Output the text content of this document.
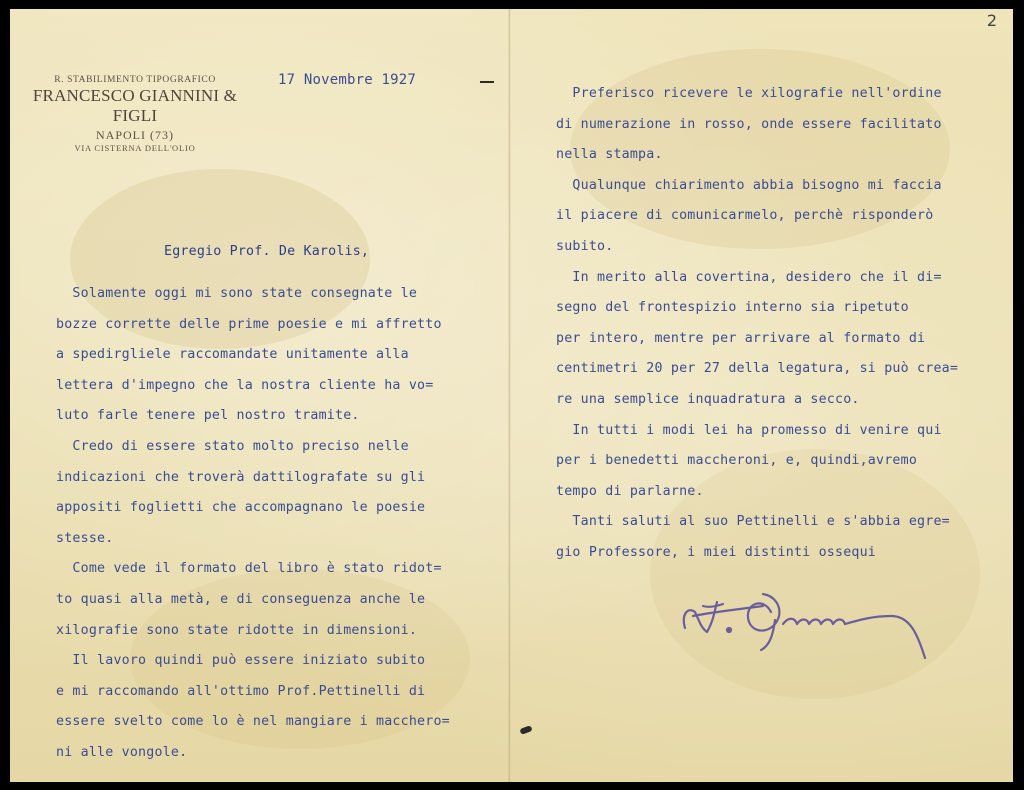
2
R. STABILIMENTO TIPOGRAFICO
FRANCESCO GIANNINI & FIGLI
NAPOLI (73)
VIA CISTERNA DELL'OLIO
17 Novembre 1927
Egregio Prof. De Karolis,
Solamente oggi mi sono state consegnate le
bozze corrette delle prime poesie e mi affretto
a spedirgliele raccomandate unitamente alla
lettera d'impegno che la nostra cliente ha vo=
luto farle tenere pel nostro tramite.
Credo di essere stato molto preciso nelle
indicazioni che troverà dattilografate su gli
appositi foglietti che accompagnano le poesie
stesse.
Come vede il formato del libro è stato ridot=
to quasi alla metà, e di conseguenza anche le
xilografie sono state ridotte in dimensioni.
Il lavoro quindi può essere iniziato subito
e mi raccomando all'ottimo Prof.Pettinelli di
essere svelto come lo è nel mangiare i macchero=
ni alle vongole.
Preferisco ricevere le xilografie nell'ordine
di numerazione in rosso, onde essere facilitato
nella stampa.
Qualunque chiarimento abbia bisogno mi faccia
il piacere di comunicarmelo, perchè risponderò
subito.
In merito alla covertina, desidero che il di=
segno del frontespizio interno sia ripetuto
per intero, mentre per arrivare al formato di
centimetri 20 per 27 della legatura, si può crea=
re una semplice inquadratura a secco.
In tutti i modi lei ha promesso di venire qui
per i benedetti maccheroni, e, quindi,avremo
tempo di parlarne.
Tanti saluti al suo Pettinelli e s'abbia egre=
gio Professore, i miei distinti ossequi
